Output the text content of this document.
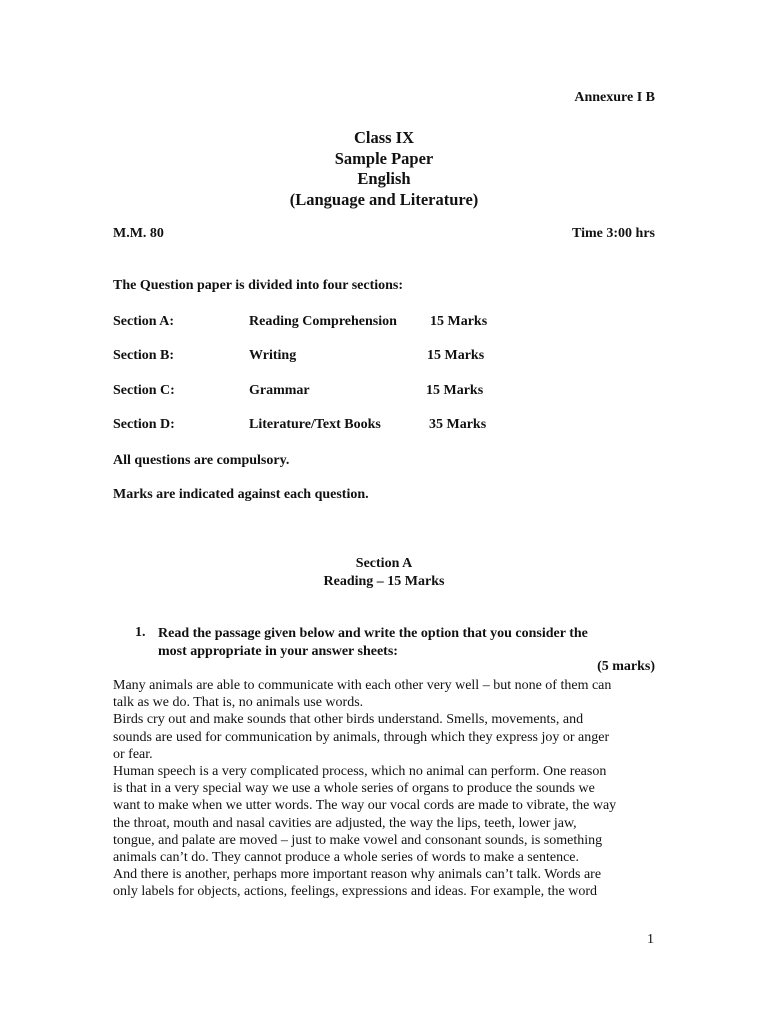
Annexure I B
Class IX
Sample Paper
English
(Language and Literature)
M.M. 80	Time 3:00 hrs
The Question paper is divided into four sections:
Section A:	Reading Comprehension 15 Marks
Section B:	Writing	15 Marks
Section C:	Grammar	15 Marks
Section D:	Literature/Text Books	35 Marks
All questions are compulsory.
Marks are indicated against each question.
Section A
Reading – 15 Marks
1. Read the passage given below and write the option that you consider the
most appropriate in your answer sheets:
(5 marks)
Many animals are able to communicate with each other very well – but none of them can
talk as we do. That is, no animals use words.
Birds cry out and make sounds that other birds understand. Smells, movements, and
sounds are used for communication by animals, through which they express joy or anger
or fear.
Human speech is a very complicated process, which no animal can perform. One reason
is that in a very special way we use a whole series of organs to produce the sounds we
want to make when we utter words. The way our vocal cords are made to vibrate, the way
the throat, mouth and nasal cavities are adjusted, the way the lips, teeth, lower jaw,
tongue, and palate are moved – just to make vowel and consonant sounds, is something
animals can’t do. They cannot produce a whole series of words to make a sentence.
And there is another, perhaps more important reason why animals can’t talk. Words are
only labels for objects, actions, feelings, expressions and ideas. For example, the word
1
